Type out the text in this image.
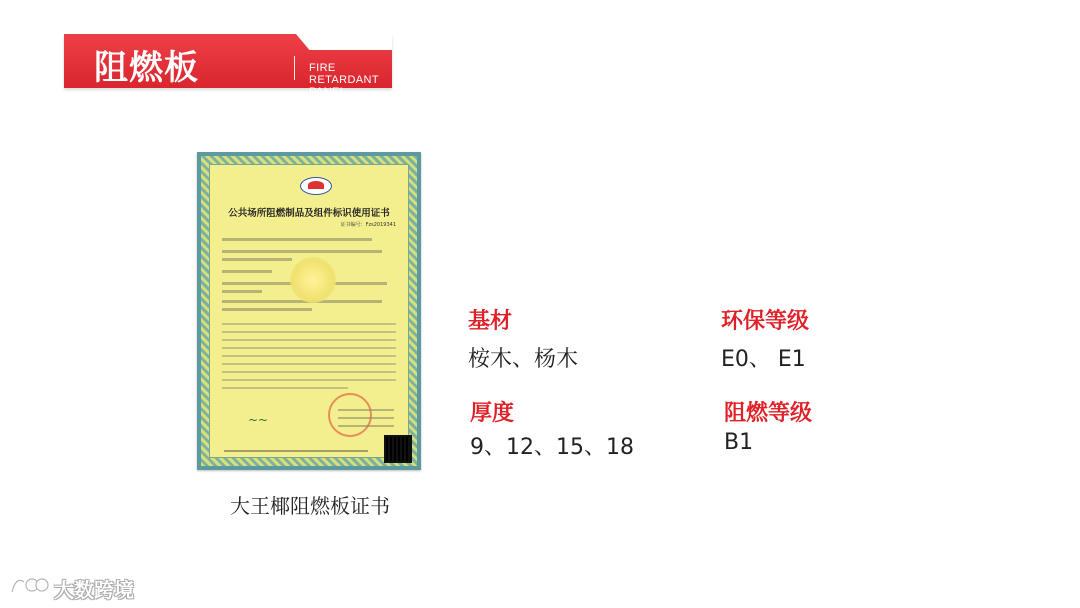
阻燃板	FIRE RETARDANT PANEL
公共场所阻燃制品及组件标识使用证书
证书编号：Fzs2019341
~~
大王椰阻燃板证书
基材
桉木、杨木
环保等级
E0、 E1
厚度
9、12、15、18
阻燃等级
B1
大数跨境
